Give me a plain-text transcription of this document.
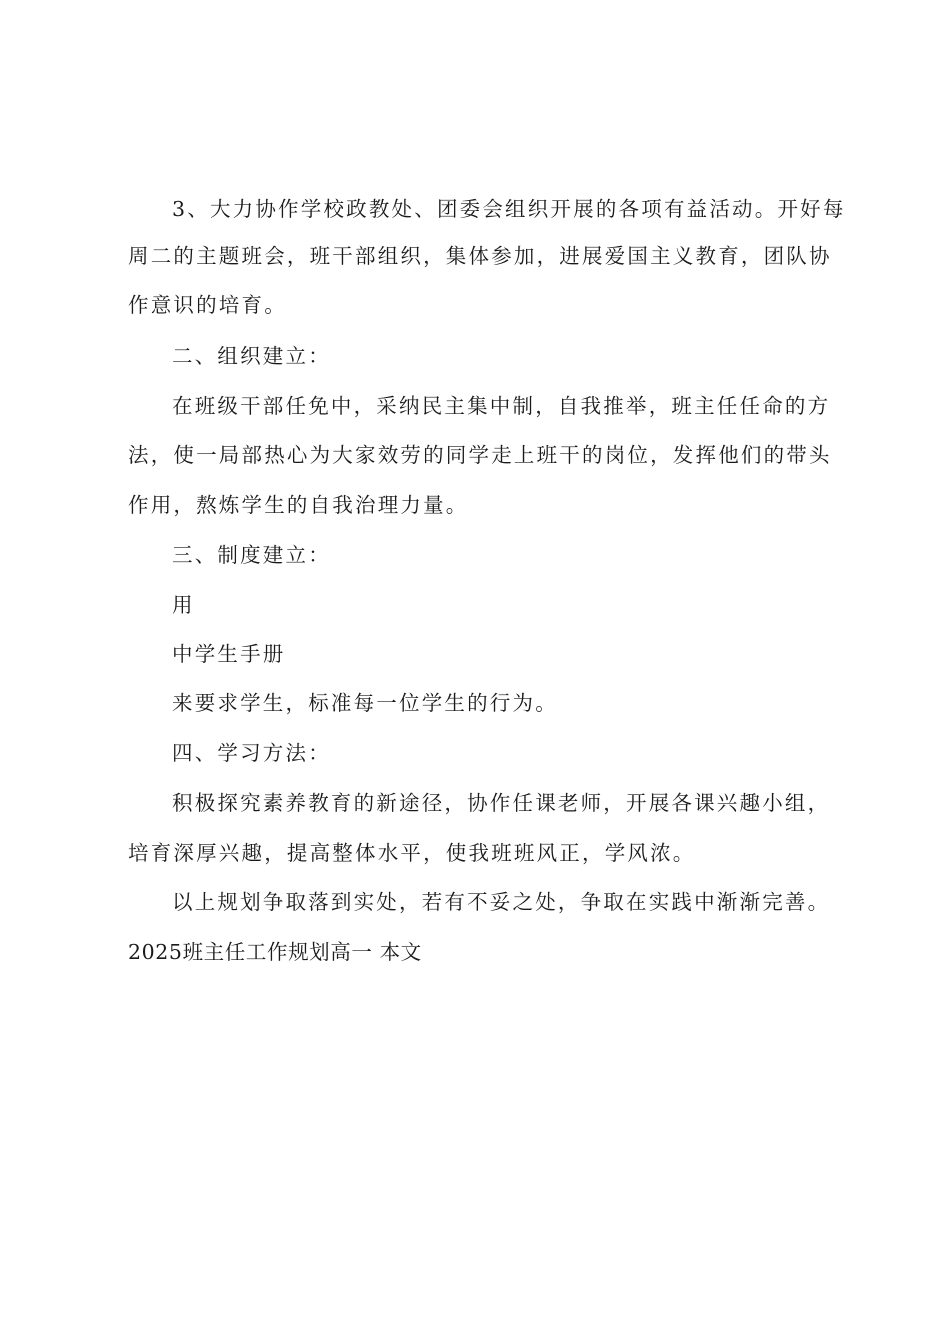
3、大力协作学校政教处、团委会组织开展的各项有益活动。开好每
周二的主题班会，班干部组织，集体参加，进展爱国主义教育，团队协
作意识的培育。
二、组织建立：
在班级干部任免中，采纳民主集中制，自我推举，班主任任命的方
法，使一局部热心为大家效劳的同学走上班干的岗位，发挥他们的带头
作用，熬炼学生的自我治理力量。
三、制度建立：
用
中学生手册
来要求学生，标准每一位学生的行为。
四、学习方法：
积极探究素养教育的新途径，协作任课老师，开展各课兴趣小组，
培育深厚兴趣，提高整体水平，使我班班风正，学风浓。
以上规划争取落到实处，若有不妥之处，争取在实践中渐渐完善。
2025班主任工作规划高一 本文
